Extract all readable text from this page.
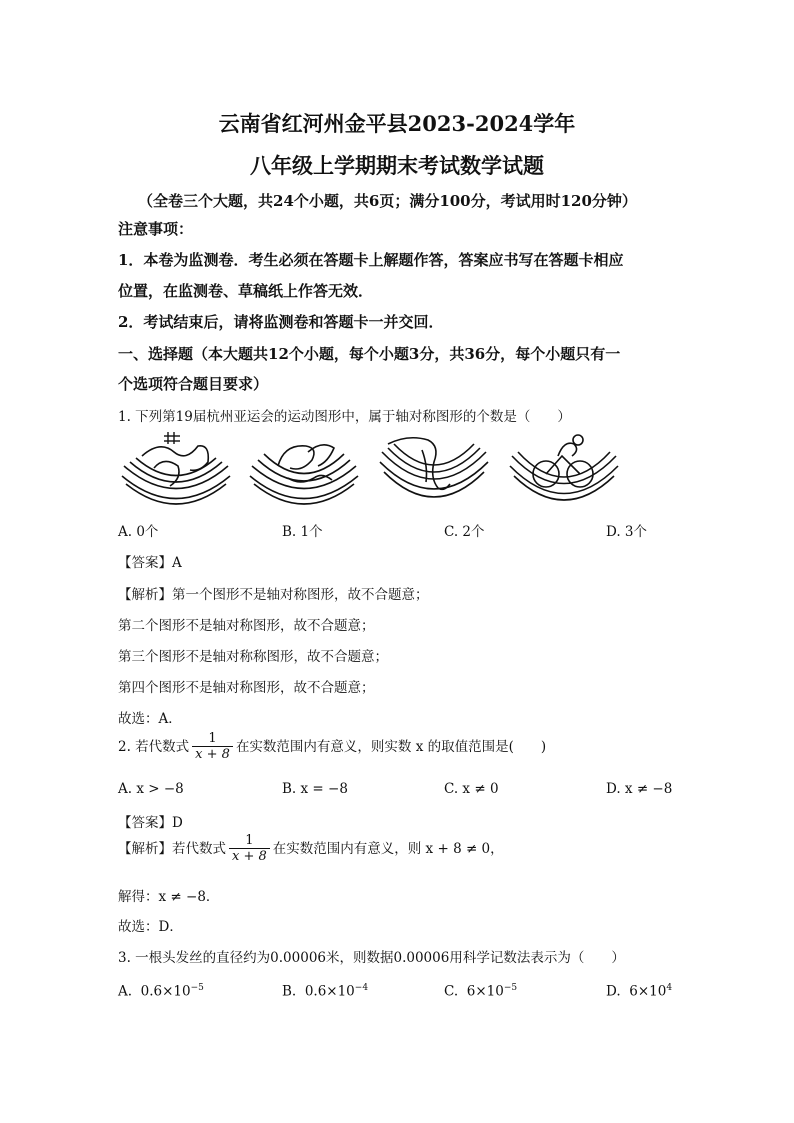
云南省红河州金平县2023-2024学年
八年级上学期期末考试数学试题
（全卷三个大题，共24个小题，共6页；满分100分，考试用时120分钟）
注意事项：
1．本卷为监测卷．考生必须在答题卡上解题作答，答案应书写在答题卡相应
位置，在监测卷、草稿纸上作答无效．
2．考试结束后，请将监测卷和答题卡一并交回．
一、选择题（本大题共12个小题，每个小题3分，共36分，每个小题只有一
个选项符合题目要求）
1. 下列第19届杭州亚运会的运动图形中，属于轴对称图形的个数是（　　）
A. 0个	B. 1个	C. 2个	D. 3个
【答案】A
【解析】第一个图形不是轴对称图形，故不合题意；
第二个图形不是轴对称图形，故不合题意；
第三个图形不是轴对称称图形，故不合题意；
第四个图形不是轴对称图形，故不合题意；
故选：A．
2. 若代数式 $\frac{1}{x + 8}$ 在实数范围内有意义，则实数 x 的取值范围是(　　)
A. x > −8	B. x = −8	C. x ≠ 0	D. x ≠ −8
【答案】D
【解析】若代数式 $\frac{1}{x + 8}$ 在实数范围内有意义，则 x + 8 ≠ 0，
解得：x ≠ −8．
故选：D．
3. 一根头发丝的直径约为0.00006米，则数据0.00006用科学记数法表示为（　　）
A. $0.6\times 10^{-5}$	B. $0.6\times 10^{-4}$	C. $6\times 10^{-5}$	D. $6\times 10^4$
